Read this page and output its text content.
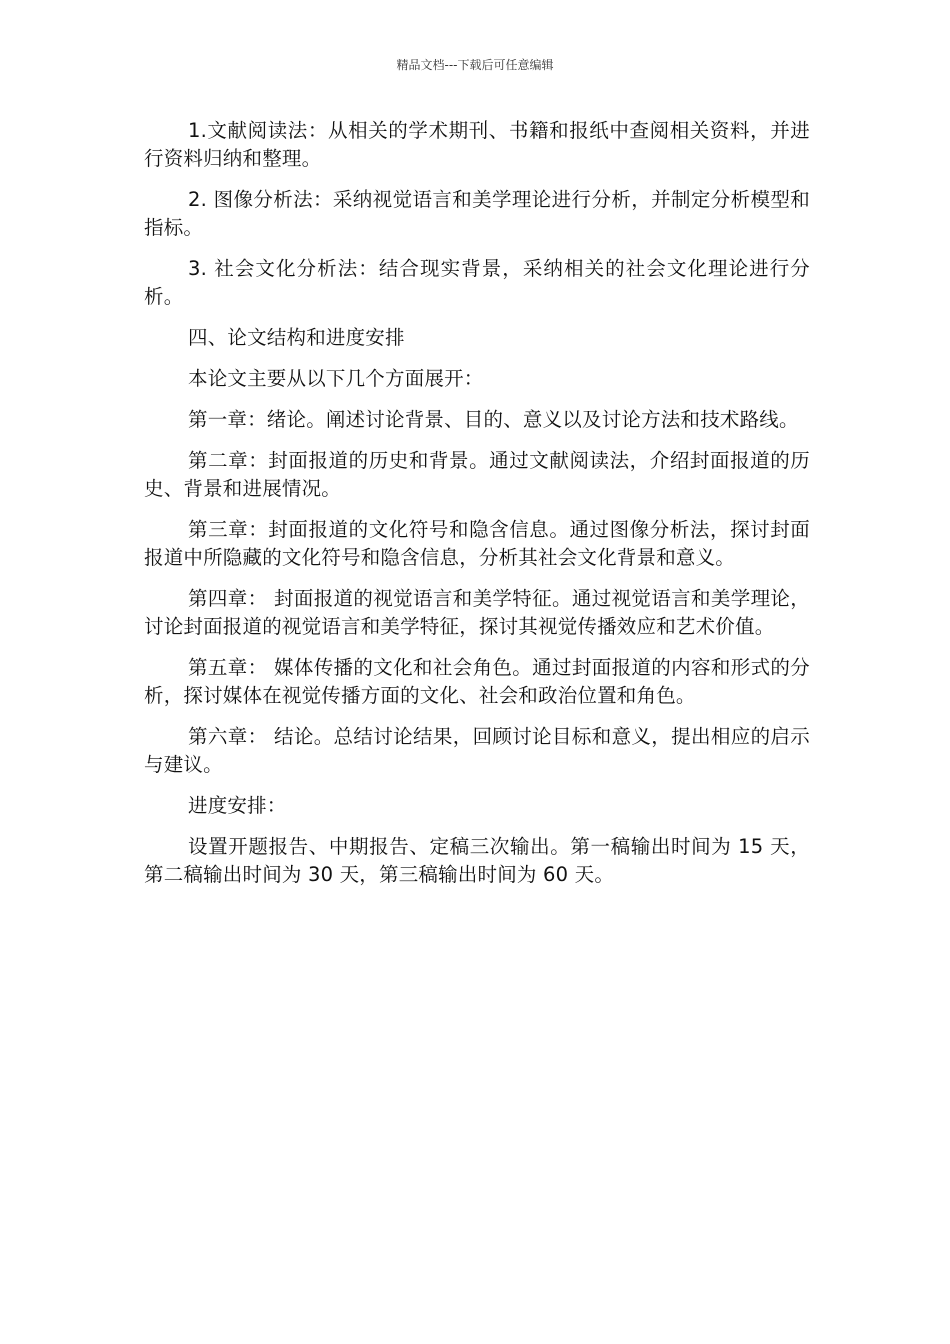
精品文档---下载后可任意编辑

1.文献阅读法：从相关的学术期刊、书籍和报纸中查阅相关资料，并进行资料归纳和整理。

2. 图像分析法：采纳视觉语言和美学理论进行分析，并制定分析模型和指标。

3. 社会文化分析法：结合现实背景，采纳相关的社会文化理论进行分析。

四、论文结构和进度安排

本论文主要从以下几个方面展开：

第一章：绪论。阐述讨论背景、目的、意义以及讨论方法和技术路线。

第二章：封面报道的历史和背景。通过文献阅读法，介绍封面报道的历史、背景和进展情况。

第三章：封面报道的文化符号和隐含信息。通过图像分析法，探讨封面报道中所隐藏的文化符号和隐含信息，分析其社会文化背景和意义。

第四章： 封面报道的视觉语言和美学特征。通过视觉语言和美学理论，讨论封面报道的视觉语言和美学特征，探讨其视觉传播效应和艺术价值。

第五章： 媒体传播的文化和社会角色。通过封面报道的内容和形式的分析，探讨媒体在视觉传播方面的文化、社会和政治位置和角色。

第六章： 结论。总结讨论结果，回顾讨论目标和意义，提出相应的启示与建议。

进度安排：

设置开题报告、中期报告、定稿三次输出。第一稿输出时间为 15 天，第二稿输出时间为 30 天，第三稿输出时间为 60 天。
